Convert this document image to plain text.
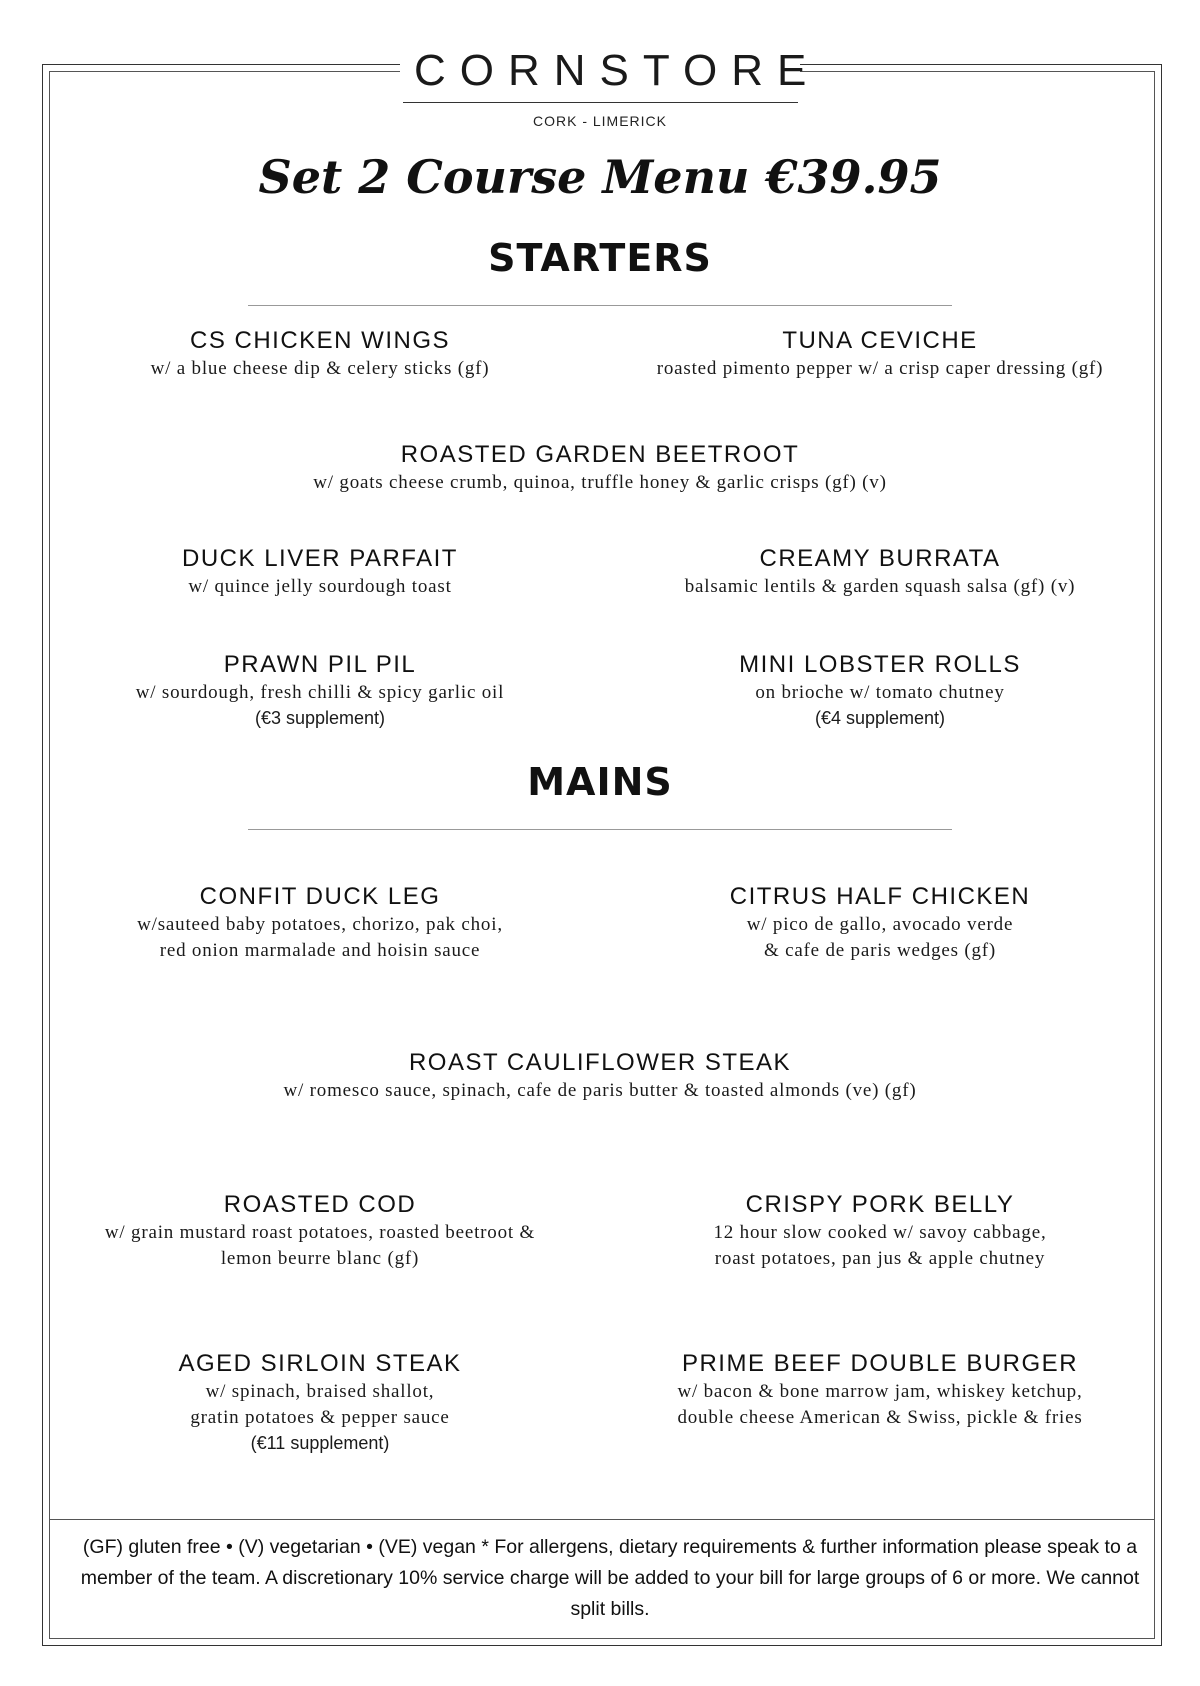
CORNSTORE
CORK - LIMERICK
Set 2 Course Menu €39.95
STARTERS
CS CHICKEN WINGS
w/ a blue cheese dip & celery sticks (gf)
TUNA CEVICHE
roasted pimento pepper w/ a crisp caper dressing (gf)
ROASTED GARDEN BEETROOT
w/ goats cheese crumb, quinoa, truffle honey & garlic crisps (gf) (v)
DUCK LIVER PARFAIT
w/ quince jelly sourdough toast
CREAMY BURRATA
balsamic lentils & garden squash salsa (gf) (v)
PRAWN PIL PIL
w/ sourdough, fresh chilli & spicy garlic oil
(€3 supplement)
MINI LOBSTER ROLLS
on brioche w/ tomato chutney
(€4 supplement)
MAINS
CONFIT DUCK LEG
w/sauteed baby potatoes, chorizo, pak choi,
red onion marmalade and hoisin sauce
CITRUS HALF CHICKEN
w/ pico de gallo, avocado verde
& cafe de paris wedges (gf)
ROAST CAULIFLOWER STEAK
w/ romesco sauce, spinach, cafe de paris butter & toasted almonds (ve) (gf)
ROASTED COD
w/ grain mustard roast potatoes, roasted beetroot &
lemon beurre blanc (gf)
CRISPY PORK BELLY
12 hour slow cooked w/ savoy cabbage,
roast potatoes, pan jus & apple chutney
AGED SIRLOIN STEAK
w/ spinach, braised shallot,
gratin potatoes & pepper sauce
(€11 supplement)
PRIME BEEF DOUBLE BURGER
w/ bacon & bone marrow jam, whiskey ketchup,
double cheese American & Swiss, pickle & fries
(GF) gluten free • (V) vegetarian • (VE) vegan * For allergens, dietary requirements & further information please speak to a member of the team. A discretionary 10% service charge will be added to your bill for large groups of 6 or more. We cannot split bills.
